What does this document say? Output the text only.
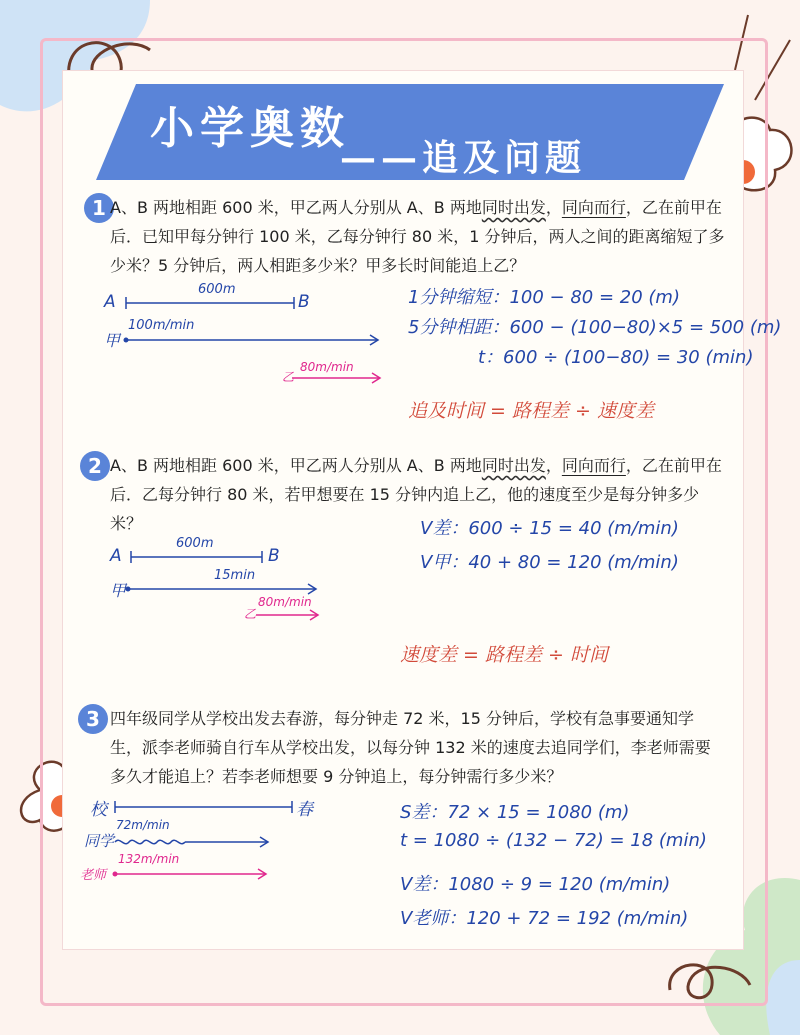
小学奥数
——追及问题
1 A、B 两地相距 600 米，甲乙两人分别从 A、B 两地同时出发，同向而行，乙在前甲在后．已知甲每分钟行 100 米，乙每分钟行 80 米，1 分钟后，两人之间的距离缩短了多少米？5 分钟后，两人相距多少米？甲多长时间能追上乙？
A	B
600m
甲
100m/min
乙
80m/min
1分钟缩短：100 − 80 = 20 (m)
5分钟相距：600 − (100−80)×5 = 500 (m)
t：600 ÷ (100−80) = 30 (min)
追及时间 = 路程差 ÷ 速度差
2 A、B 两地相距 600 米，甲乙两人分别从 A、B 两地同时出发，同向而行，乙在前甲在后．乙每分钟行 80 米，若甲想要在 15 分钟内追上乙，他的速度至少是每分钟多少米？
A	B
600m
甲
15min
乙
80m/min
V差：600 ÷ 15 = 40 (m/min)
V甲：40 + 80 = 120 (m/min)
速度差 = 路程差 ÷ 时间
3 四年级同学从学校出发去春游，每分钟走 72 米，15 分钟后，学校有急事要通知学生，派李老师骑自行车从学校出发，以每分钟 132 米的速度去追同学们，李老师需要多久才能追上？若李老师想要 9 分钟追上，每分钟需行多少米？
校	春
同学
72m/min
老师
132m/min
S差：72 × 15 = 1080 (m)
t = 1080 ÷ (132 − 72) = 18 (min)
V差：1080 ÷ 9 = 120 (m/min)
V老师：120 + 72 = 192 (m/min)
